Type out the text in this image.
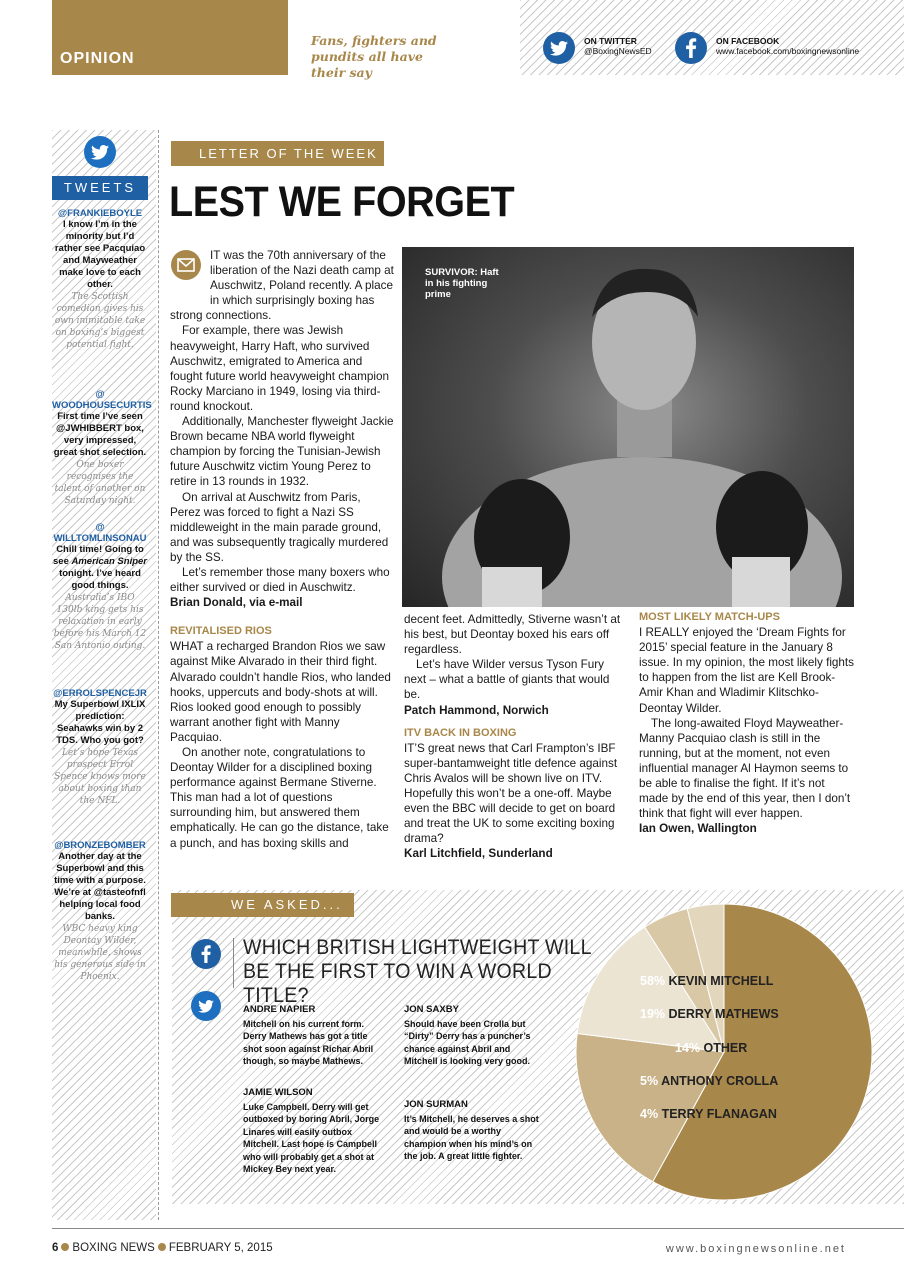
OPINION
Fans, fighters and pundits all have their say
ON TWITTER
@BoxingNewsED
ON FACEBOOK
www.facebook.com/boxingnewsonline
TWEETS
@FRANKIEBOYLE
I know I’m in the minority but I’d rather see Pacquiao and Mayweather make love to each other.
The Scottish comedian gives his own inimitable take on boxing’s biggest potential fight.
@ WOODHOUSECURTIS
First time I’ve seen @JWHIBBERT box, very impressed, great shot selection.
One boxer recognises the talent of another on Saturday night.
@ WILLTOMLINSONAU
Chill time! Going to see American Sniper tonight. I’ve heard good things.
Australia’s IBO 130lb king gets his relaxation in early before his March 12 San Antonio outing.
@ERROLSPENCEJR
My Superbowl IXLIX prediction: Seahawks win by 2 TDS. Who you got?
Let’s hope Texas prospect Errol Spence knows more about boxing than the NFL.
@BRONZEBOMBER
Another day at the Superbowl and this time with a purpose. We’re at @tasteofnfl helping local food banks.
WBC heavy king Deontay Wilder, meanwhile, shows his generous side in Phoenix.
LETTER OF THE WEEK
LEST WE FORGET

IT was the 70th anniversary of the liberation of the Nazi death camp at Auschwitz, Poland recently. A place in which surprisingly boxing has strong connections.

For example, there was Jewish heavyweight, Harry Haft, who survived Auschwitz, emigrated to America and fought future world heavyweight champion Rocky Marciano in 1949, losing via third-round knockout.

Additionally, Manchester flyweight Jackie Brown became NBA world flyweight champion by forcing the Tunisian-Jewish future Auschwitz victim Young Perez to retire in 13 rounds in 1932.

On arrival at Auschwitz from Paris, Perez was forced to fight a Nazi SS middleweight in the main parade ground, and was subsequently tragically murdered by the SS.

Let’s remember those many boxers who either survived or died in Auschwitz.

Brian Donald, via e-mail

REVITALISED RIOS

WHAT a recharged Brandon Rios we saw against Mike Alvarado in their third fight. Alvarado couldn’t handle Rios, who landed hooks, uppercuts and body-shots at will. Rios looked good enough to possibly warrant another fight with Manny Pacquiao.

On another note, congratulations to Deontay Wilder for a disciplined boxing performance against Bermane Stiverne. This man had a lot of questions surrounding him, but answered them emphatically. He can go the distance, take a punch, and has boxing skills and

SURVIVOR: Haft in his fighting prime

decent feet. Admittedly, Stiverne wasn’t at his best, but Deontay boxed his ears off regardless.

Let’s have Wilder versus Tyson Fury next – what a battle of giants that would be.

Patch Hammond, Norwich

ITV BACK IN BOXING

IT’S great news that Carl Frampton’s IBF super-bantamweight title defence against Chris Avalos will be shown live on ITV. Hopefully this won’t be a one-off. Maybe even the BBC will decide to get on board and treat the UK to some exciting boxing drama?

Karl Litchfield, Sunderland

MOST LIKELY MATCH-UPS

I REALLY enjoyed the ‘Dream Fights for 2015’ special feature in the January 8 issue. In my opinion, the most likely fights to happen from the list are Kell Brook-Amir Khan and Wladimir Klitschko-Deontay Wilder.

The long-awaited Floyd Mayweather-Manny Pacquiao clash is still in the running, but at the moment, not even influential manager Al Haymon seems to be able to finalise the fight. If it’s not made by the end of this year, then I don’t think that fight will ever happen.

Ian Owen, Wallington

WE ASKED...
WHICH BRITISH LIGHTWEIGHT WILL BE THE FIRST TO WIN A WORLD TITLE?
ANDRE NAPIER
Mitchell on his current form. Derry Mathews has got a title shot soon against Richar Abril though, so maybe Mathews.
JAMIE WILSON
Luke Campbell. Derry will get outboxed by boring Abril, Jorge Linares will easily outbox Mitchell. Last hope is Campbell who will probably get a shot at Mickey Bey next year.
JON SAXBY
Should have been Crolla but “Dirty” Derry has a puncher’s chance against Abril and Mitchell is looking very good.
JON SURMAN
It’s Mitchell, he deserves a shot and would be a worthy champion when his mind’s on the job. A great little fighter.
58% KEVIN MITCHELL
19% DERRY MATHEWS
14% OTHER
5% ANTHONY CROLLA
4% TERRY FLANAGAN
6 BOXING NEWS FEBRUARY 5, 2015	www.boxingnewsonline.net
